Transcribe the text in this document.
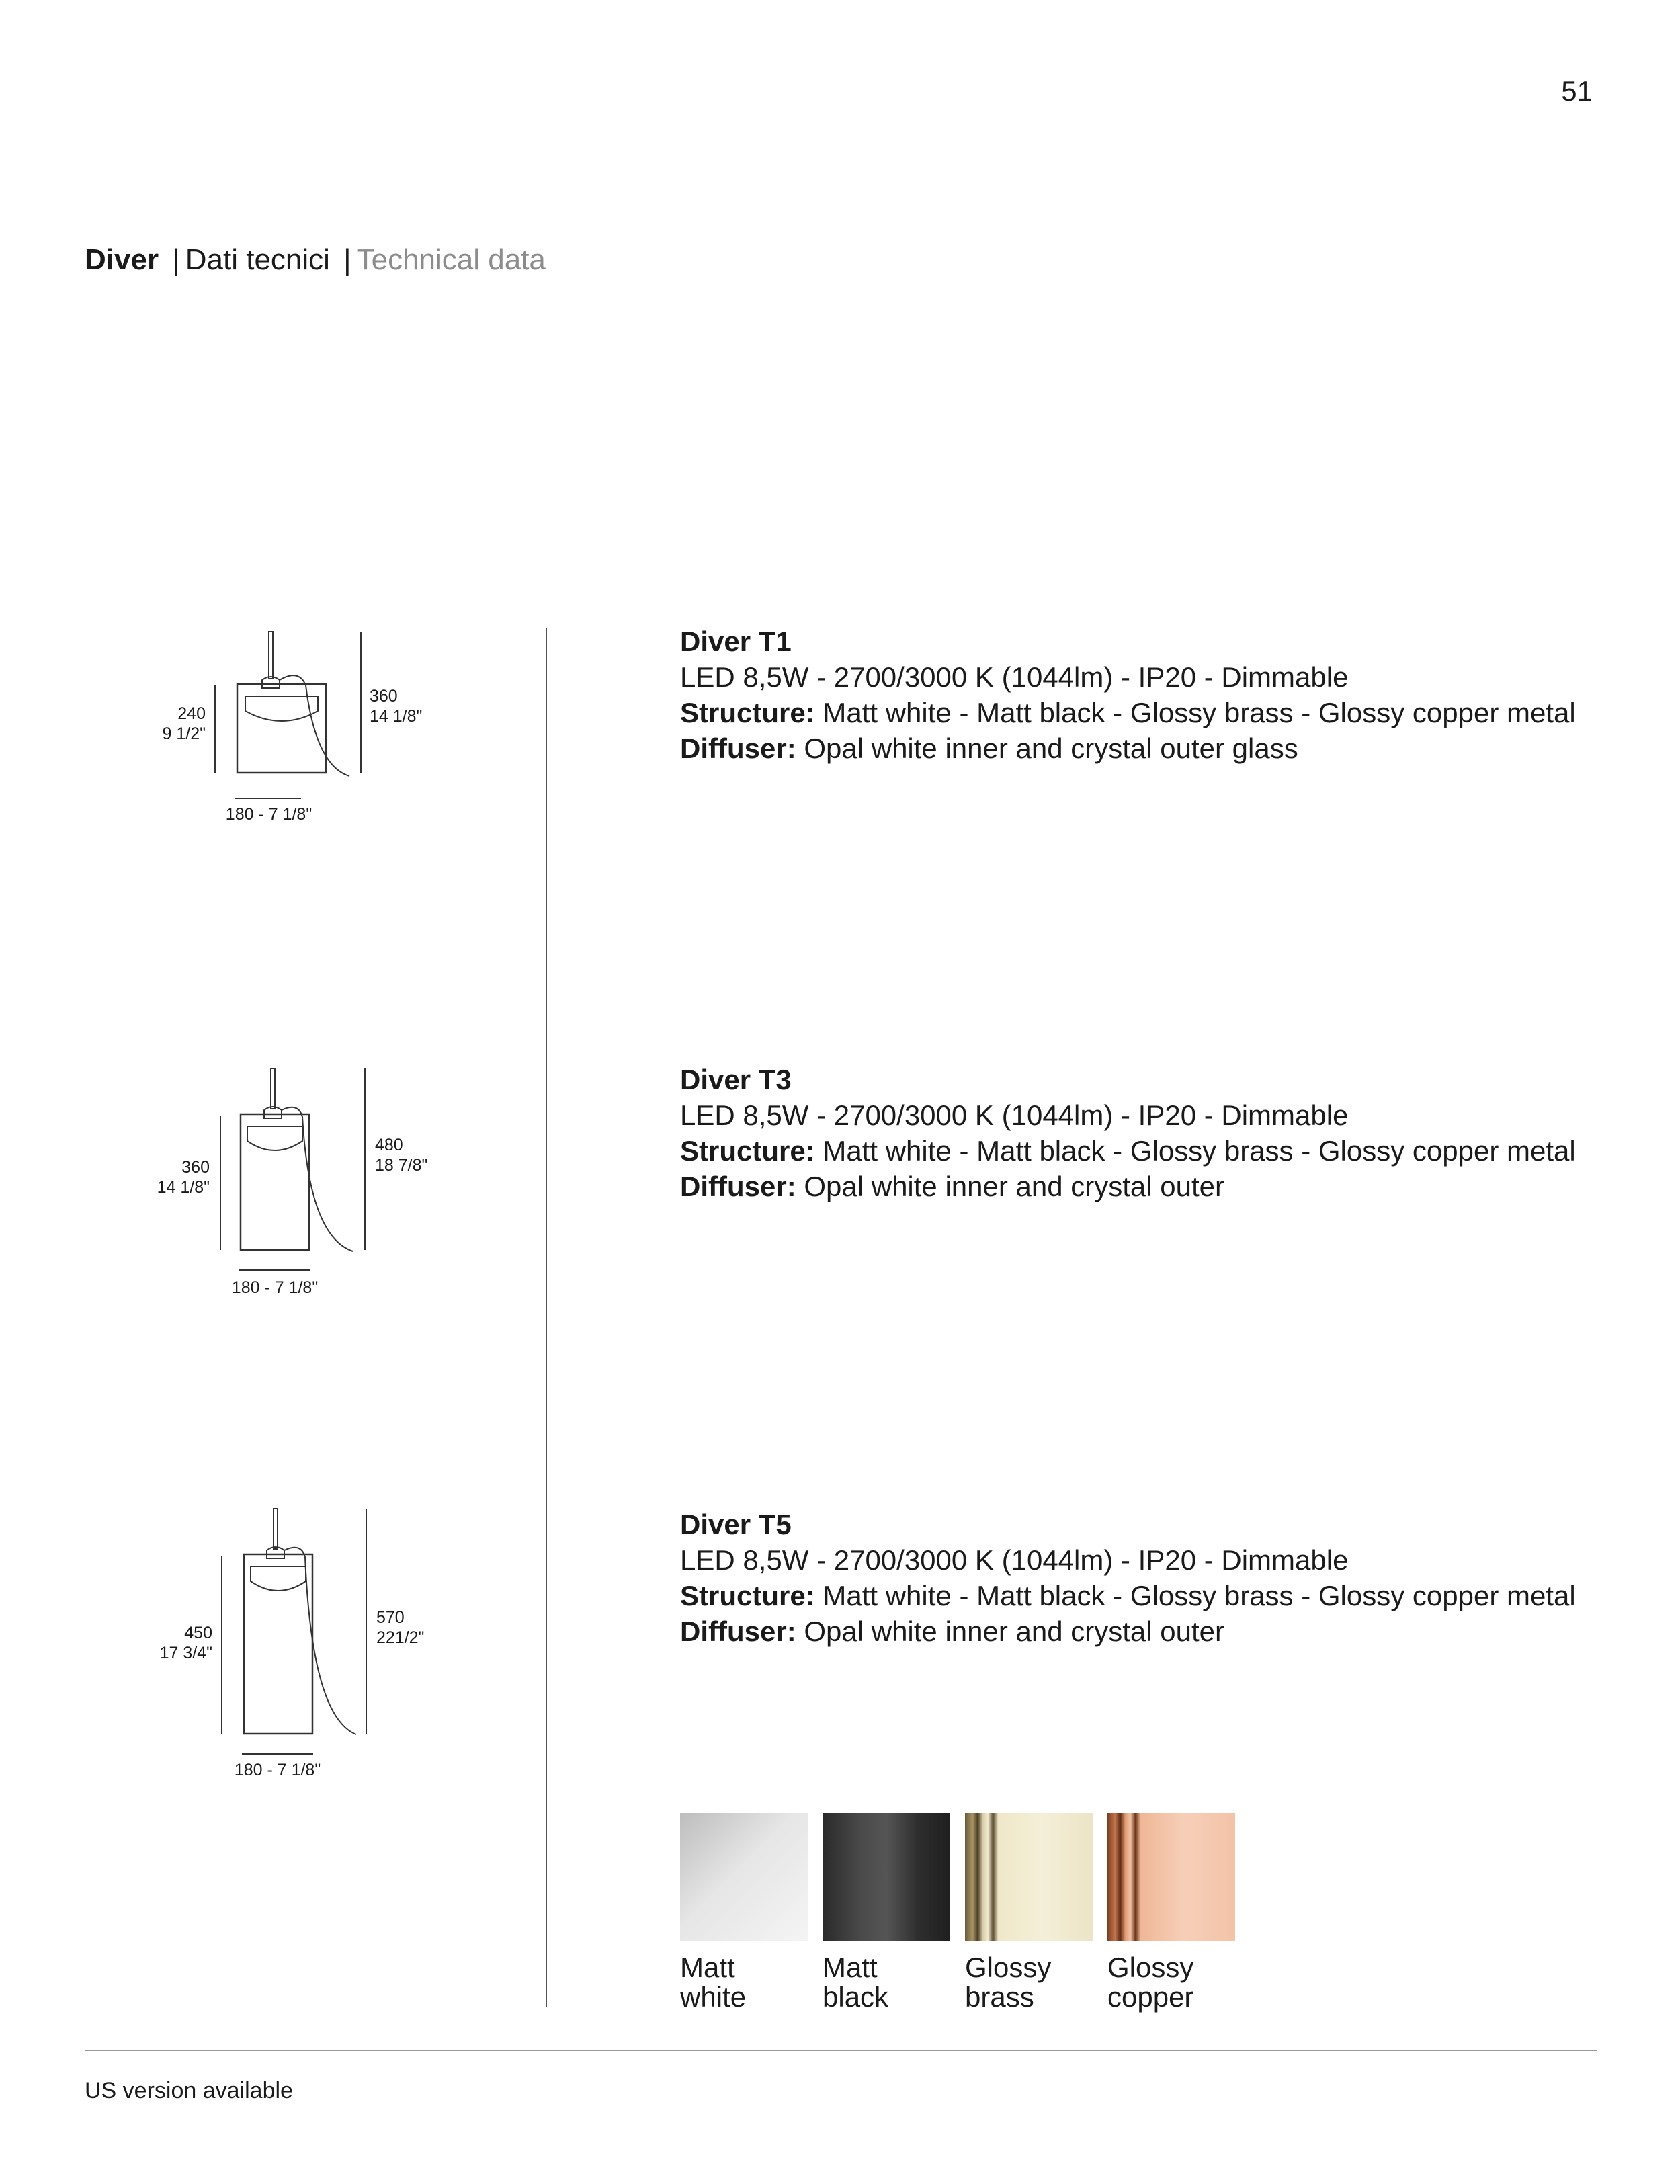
51
Diver | Dati tecnici | Technical data
240
9 1/2"
360
14 1/8"
180 - 7 1/8"
360
14 1/8"
480
18 7/8"
180 - 7 1/8"
450
17 3/4"
570
221/2"
180 - 7 1/8"
Diver T1
LED 8,5W - 2700/3000 K (1044lm) - IP20 - Dimmable
Structure: Matt white - Matt black - Glossy brass - Glossy copper metal
Diffuser: Opal white inner and crystal outer glass
Diver T3
LED 8,5W - 2700/3000 K (1044lm) - IP20 - Dimmable
Structure: Matt white - Matt black - Glossy brass - Glossy copper metal
Diffuser: Opal white inner and crystal outer
Diver T5
LED 8,5W - 2700/3000 K (1044lm) - IP20 - Dimmable
Structure: Matt white - Matt black - Glossy brass - Glossy copper metal
Diffuser: Opal white inner and crystal outer
Matt
white
Matt
black
Glossy
brass
Glossy
copper
US version available
